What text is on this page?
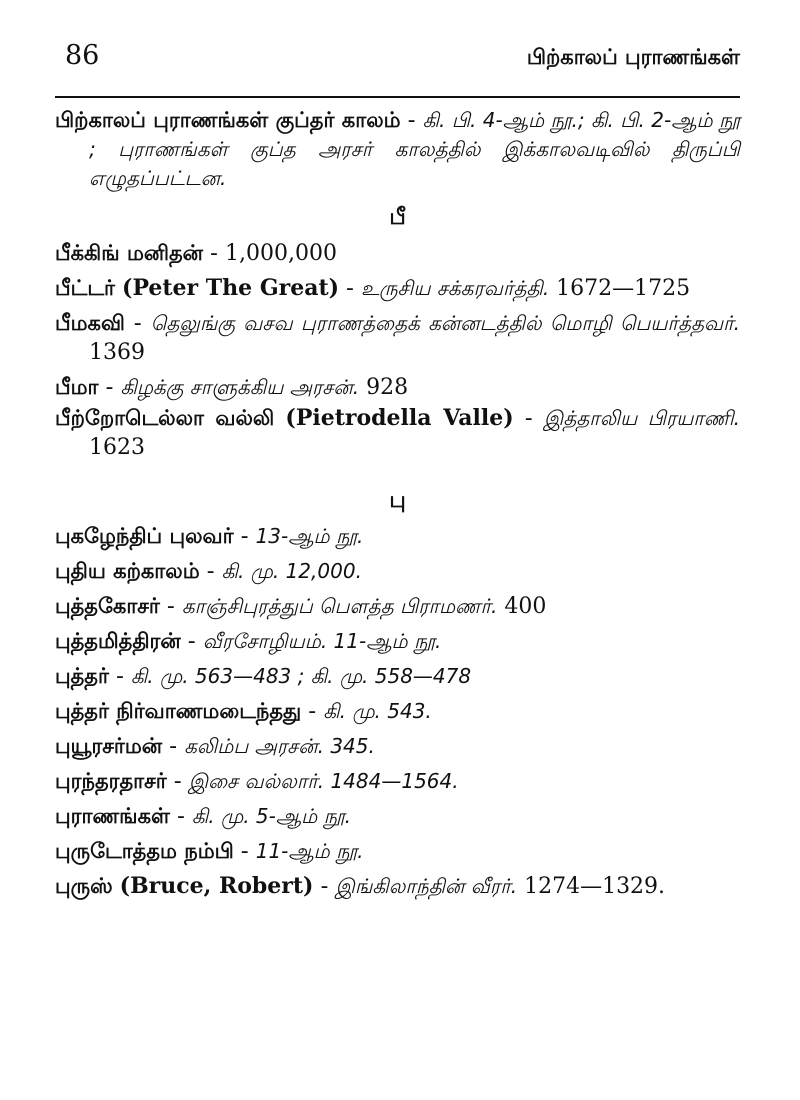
86	பிற்காலப் புராணங்கள்
பிற்காலப் புராணங்கள் குப்தர் காலம் - கி. பி. 4-ஆம் நூ.; கி. பி. 2-ஆம் நூ ; புராணங்கள் குப்த அரசர் காலத்தில் இக்காலவடிவில் திருப்பி எழுதப்பட்டன.
பீ
பீக்கிங் மனிதன் - 1,000,000
பீட்டர் (Peter The Great) - உருசிய சக்கரவர்த்தி. 1672—1725
பீமகவி - தெலுங்கு வசவ புராணத்தைக் கன்னடத்தில் மொழி பெயர்த்தவர். 1369
பீமா - கிழக்கு சாளுக்கிய அரசன். 928
பீற்றோடெல்லா வல்லி (Pietrodella Valle) - இத்தாலிய பிரயாணி. 1623
பு
புகழேந்திப் புலவர் - 13-ஆம் நூ.
புதிய கற்காலம் - கி. மு. 12,000.
புத்தகோசர் - காஞ்சிபுரத்துப் பௌத்த பிராமணர். 400
புத்தமித்திரன் - வீரசோழியம். 11-ஆம் நூ.
புத்தர் - கி. மு. 563—483 ; கி. மு. 558—478
புத்தர் நிர்வாணமடைந்தது - கி. மு. 543.
புயூரசர்மன் - கலிம்ப அரசன். 345.
புரந்தரதாசர் - இசை வல்லார். 1484—1564.
புராணங்கள் - கி. மு. 5-ஆம் நூ.
புருடோத்தம நம்பி - 11-ஆம் நூ.
புருஸ் (Bruce, Robert) - இங்கிலாந்தின் வீரர். 1274—1329.
